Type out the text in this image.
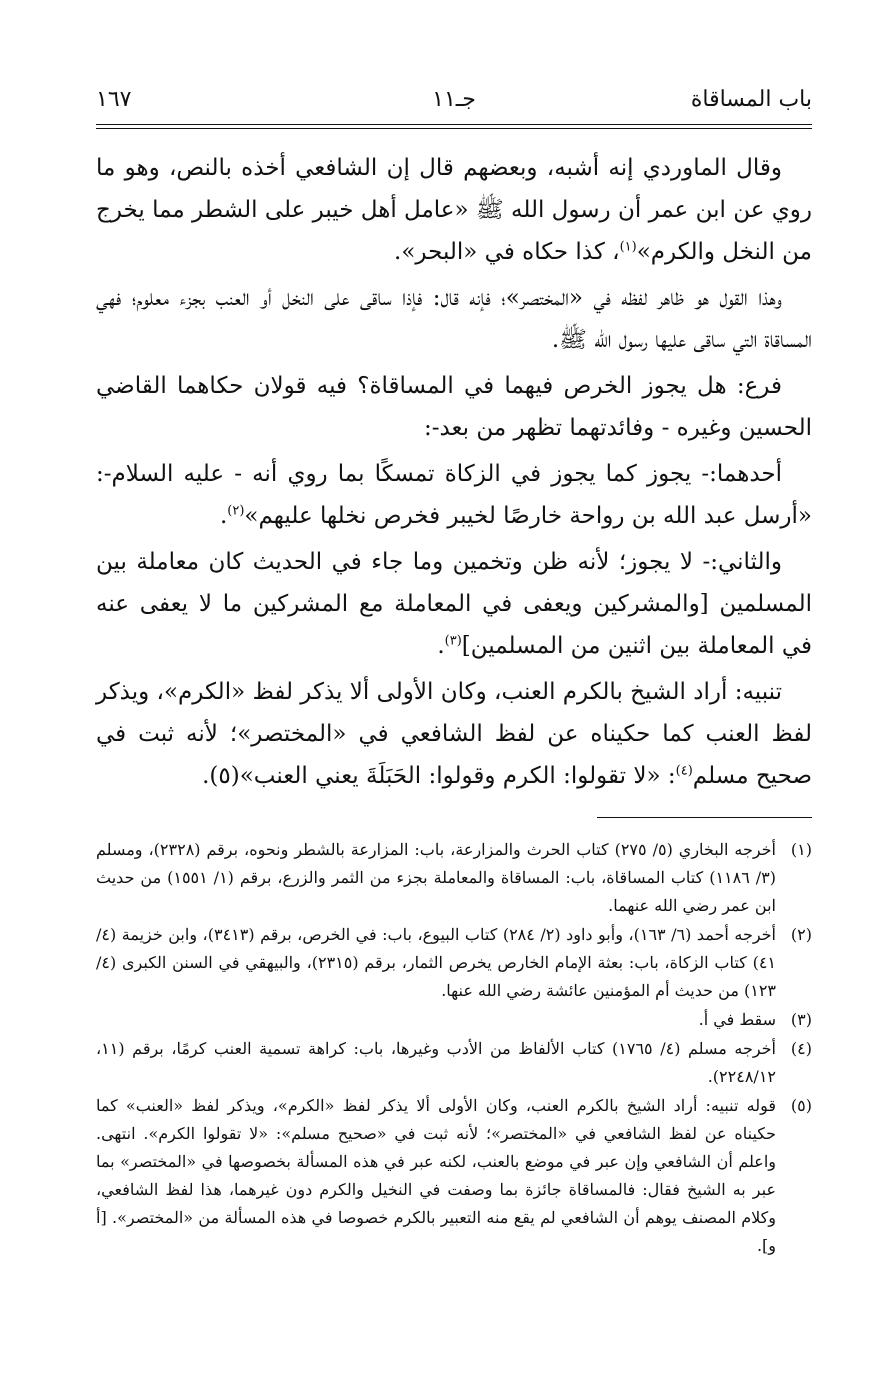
باب المساقاة
جـ١١
١٦٧

وقال الماوردي إنه أشبه، وبعضهم قال إن الشافعي أخذه بالنص، وهو ما روي عن ابن عمر أن رسول الله ﷺ «عامل أهل خيبر على الشطر مما يخرج من النخل والكرم»$^{(١)}$، كذا حكاه في «البحر».

وهذا القول هو ظاهر لفظه في «المختصر»؛ فإنه قال: فإذا ساقى على النخل أو العنب بجزء معلوم؛ فهي المساقاة التي ساقى عليها رسول الله ﷺ.

فرع: هل يجوز الخرص فيهما في المساقاة؟ فيه قولان حكاهما القاضي الحسين وغيره - وفائدتهما تظهر من بعد-:

أحدهما:- يجوز كما يجوز في الزكاة تمسكًا بما روي أنه - عليه السلام-: «أرسل عبد الله بن رواحة خارصًا لخيبر فخرص نخلها عليهم»$^{(٢)}$.

والثاني:- لا يجوز؛ لأنه ظن وتخمين وما جاء في الحديث كان معاملة بين المسلمين [والمشركين ويعفى في المعاملة مع المشركين ما لا يعفى عنه في المعاملة بين اثنين من المسلمين]$^{(٣)}$.

تنبيه: أراد الشيخ بالكرم العنب، وكان الأولى ألا يذكر لفظ «الكرم»، ويذكر لفظ العنب كما حكيناه عن لفظ الشافعي في «المختصر»؛ لأنه ثبت في صحيح مسلم$^{(٤)}$: «لا تقولوا: الكرم وقولوا: الحَبَلَةَ يعني العنب»(٥).

(١)
أخرجه البخاري (٥/ ٢٧٥) كتاب الحرث والمزارعة، باب: المزارعة بالشطر ونحوه، برقم (٢٣٢٨)، ومسلم (٣/ ١١٨٦) كتاب المساقاة، باب: المساقاة والمعاملة بجزء من الثمر والزرع، برقم (١/ ١٥٥١) من حديث ابن عمر رضي الله عنهما.
(٢)
أخرجه أحمد (٦/ ١٦٣)، وأبو داود (٢/ ٢٨٤) كتاب البيوع، باب: في الخرص، برقم (٣٤١٣)، وابن خزيمة (٤/ ٤١) كتاب الزكاة، باب: بعثة الإمام الخارص يخرص الثمار، برقم (٢٣١٥)، والبيهقي في السنن الكبرى (٤/ ١٢٣) من حديث أم المؤمنين عائشة رضي الله عنها.
(٣)
سقط في أ.
(٤)
أخرجه مسلم (٤/ ١٧٦٥) كتاب الألفاظ من الأدب وغيرها، باب: كراهة تسمية العنب كرمًا، برقم (١١، ٢٢٤٨/١٢).
(٥)
قوله تنبيه: أراد الشيخ بالكرم العنب، وكان الأولى ألا يذكر لفظ «الكرم»، ويذكر لفظ «العنب» كما حكيناه عن لفظ الشافعي في «المختصر»؛ لأنه ثبت في «صحيح مسلم»: «لا تقولوا الكرم». انتهى. واعلم أن الشافعي وإن عبر في موضع بالعنب، لكنه عبر في هذه المسألة بخصوصها في «المختصر» بما عبر به الشيخ فقال: فالمساقاة جائزة بما وصفت في النخيل والكرم دون غيرهما، هذا لفظ الشافعي، وكلام المصنف يوهم أن الشافعي لم يقع منه التعبير بالكرم خصوصا في هذه المسألة من «المختصر». [أ و].
